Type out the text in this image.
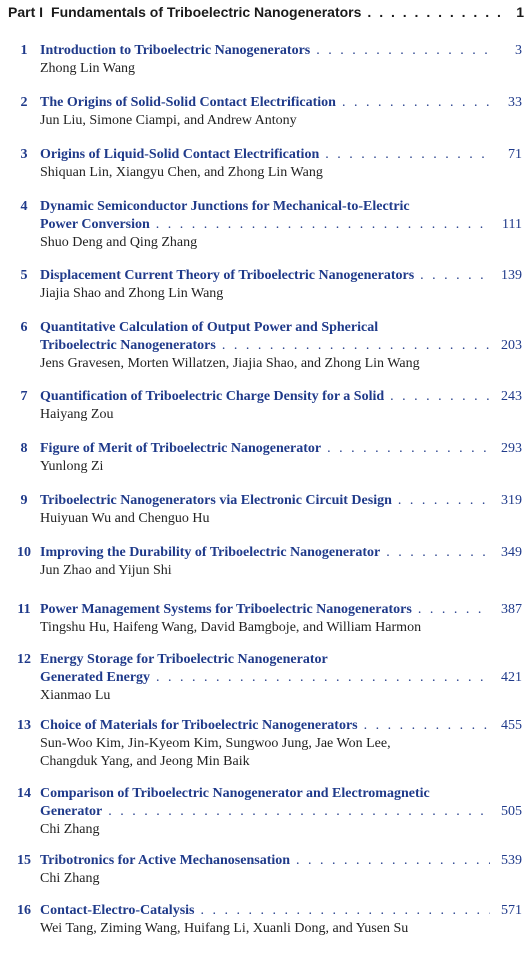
Part I Fundamentals of Triboelectric Nanogenerators . . .	1
1 Introduction to Triboelectric Nanogenerators . . .	3
Zhong Lin Wang
2 The Origins of Solid-Solid Contact Electrification . . .	33
Jun Liu, Simone Ciampi, and Andrew Antony
3 Origins of Liquid-Solid Contact Electrification . . .	71
Shiquan Lin, Xiangyu Chen, and Zhong Lin Wang
4 Dynamic Semiconductor Junctions for Mechanical-to-Electric
Power Conversion . . .	111
Shuo Deng and Qing Zhang
5 Displacement Current Theory of Triboelectric Nanogenerators . . .	139
Jiajia Shao and Zhong Lin Wang
6 Quantitative Calculation of Output Power and Spherical
Triboelectric Nanogenerators . . .	203
Jens Gravesen, Morten Willatzen, Jiajia Shao, and Zhong Lin Wang
7 Quantification of Triboelectric Charge Density for a Solid . . .	243
Haiyang Zou
8 Figure of Merit of Triboelectric Nanogenerator . . .	293
Yunlong Zi
9 Triboelectric Nanogenerators via Electronic Circuit Design . . .	319
Huiyuan Wu and Chenguo Hu
10 Improving the Durability of Triboelectric Nanogenerator . . .	349
Jun Zhao and Yijun Shi
11 Power Management Systems for Triboelectric Nanogenerators . . .	387
Tingshu Hu, Haifeng Wang, David Bamgboje, and William Harmon
12 Energy Storage for Triboelectric Nanogenerator
Generated Energy . . .	421
Xianmao Lu
13 Choice of Materials for Triboelectric Nanogenerators . . .	455
Sun-Woo Kim, Jin-Kyeom Kim, Sungwoo Jung, Jae Won Lee,
Changduk Yang, and Jeong Min Baik
14 Comparison of Triboelectric Nanogenerator and Electromagnetic
Generator . . .	505
Chi Zhang
15 Tribotronics for Active Mechanosensation . . .	539
Chi Zhang
16 Contact-Electro-Catalysis . . .	571
Wei Tang, Ziming Wang, Huifang Li, Xuanli Dong, and Yusen Su
